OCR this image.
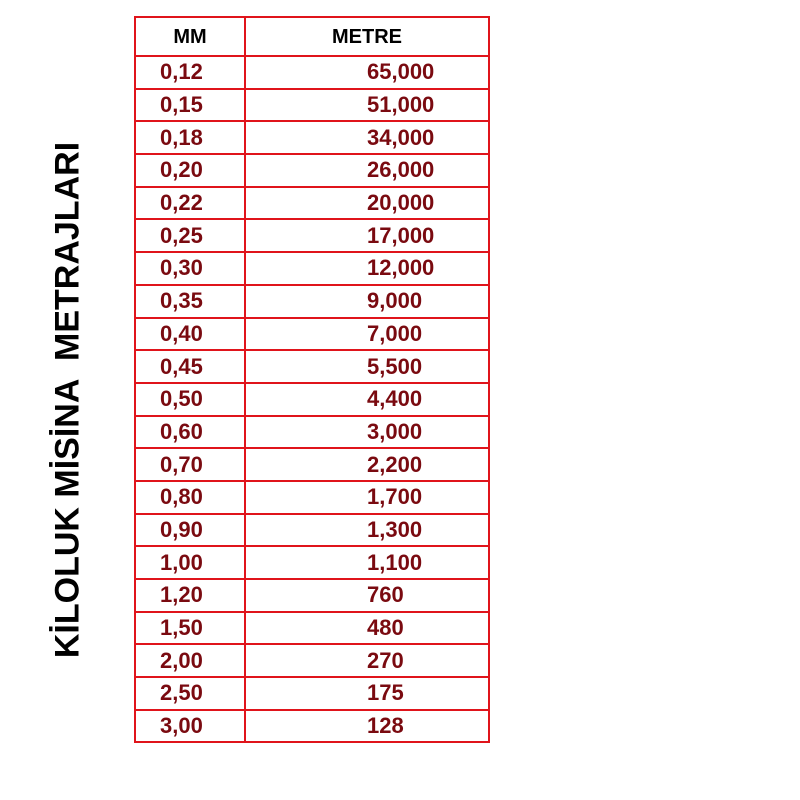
KİLOLUK MİSİNA  METRAJLARI
MM	METRE
0,12	65,000
0,15	51,000
0,18	34,000
0,20	26,000
0,22	20,000
0,25	17,000
0,30	12,000
0,35	9,000
0,40	7,000
0,45	5,500
0,50	4,400
0,60	3,000
0,70	2,200
0,80	1,700
0,90	1,300
1,00	1,100
1,20	760
1,50	480
2,00	270
2,50	175
3,00	128
